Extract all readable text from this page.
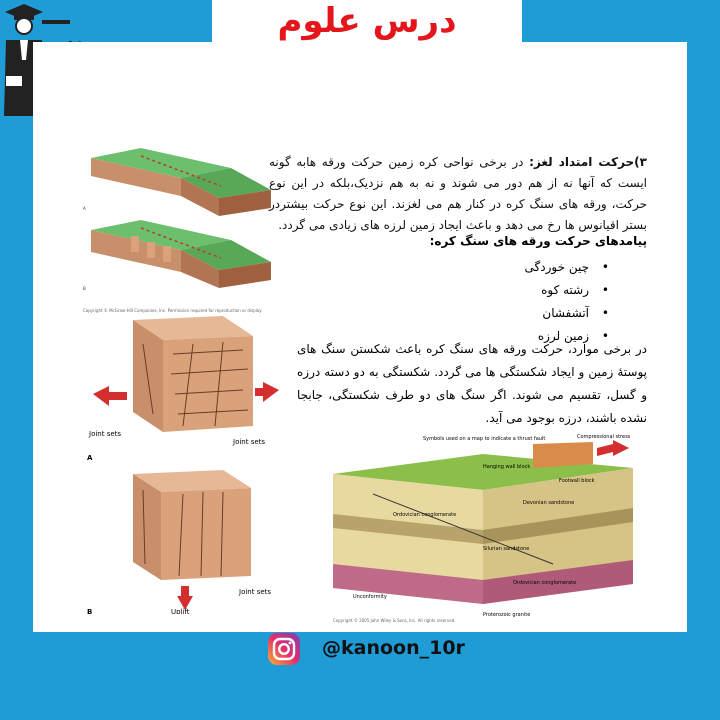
درس علوم
A
B
Copyright © McGraw-Hill Companies, Inc. Permission required for reproduction or display.
Joint sets
Joint sets
A
Uplift
Joint sets
B
Symbols used on a map to indicate a thrust fault	Compressional stress
Hanging wall block
Footwall block
Devonian sandstone
Ordovician conglomerate
Silurian sandstone
Ordovician conglomerate
Unconformity
Proterozoic granite
Copyright © 2005 John Wiley & Sons, Inc. All rights reserved.
۳)حرکت امتداد لغز: در برخی نواحی کره زمین حرکت ورقه هابه گونه ایست که آنها نه از هم دور می شوند و نه به هم نزدیک،بلکه در این نوع حرکت، ورقه های سنگ کره در کنار هم می لغزند. این نوع حرکت بیشتردر بستر اقیانوس ها رخ می دهد و باعث ایجاد زمین لرزه های زیادی می گردد.
پیامدهای حرکت ورقه های سنگ کره:
چین خوردگی •
رشته کوه •
آتشفشان •
زمین لرزه •
در برخی موارد، حرکت ورقه های سنگ کره باعث شکستن سنگ های پوستهٔ زمین و ایجاد شکستگی ها می گردد. شکستگی به دو دسته درزه و گسل، تقسیم می شوند. اگر سنگ های دو طرف شکستگی، جابجا نشده باشند، درزه بوجود می آید.
@kanoon_10r
